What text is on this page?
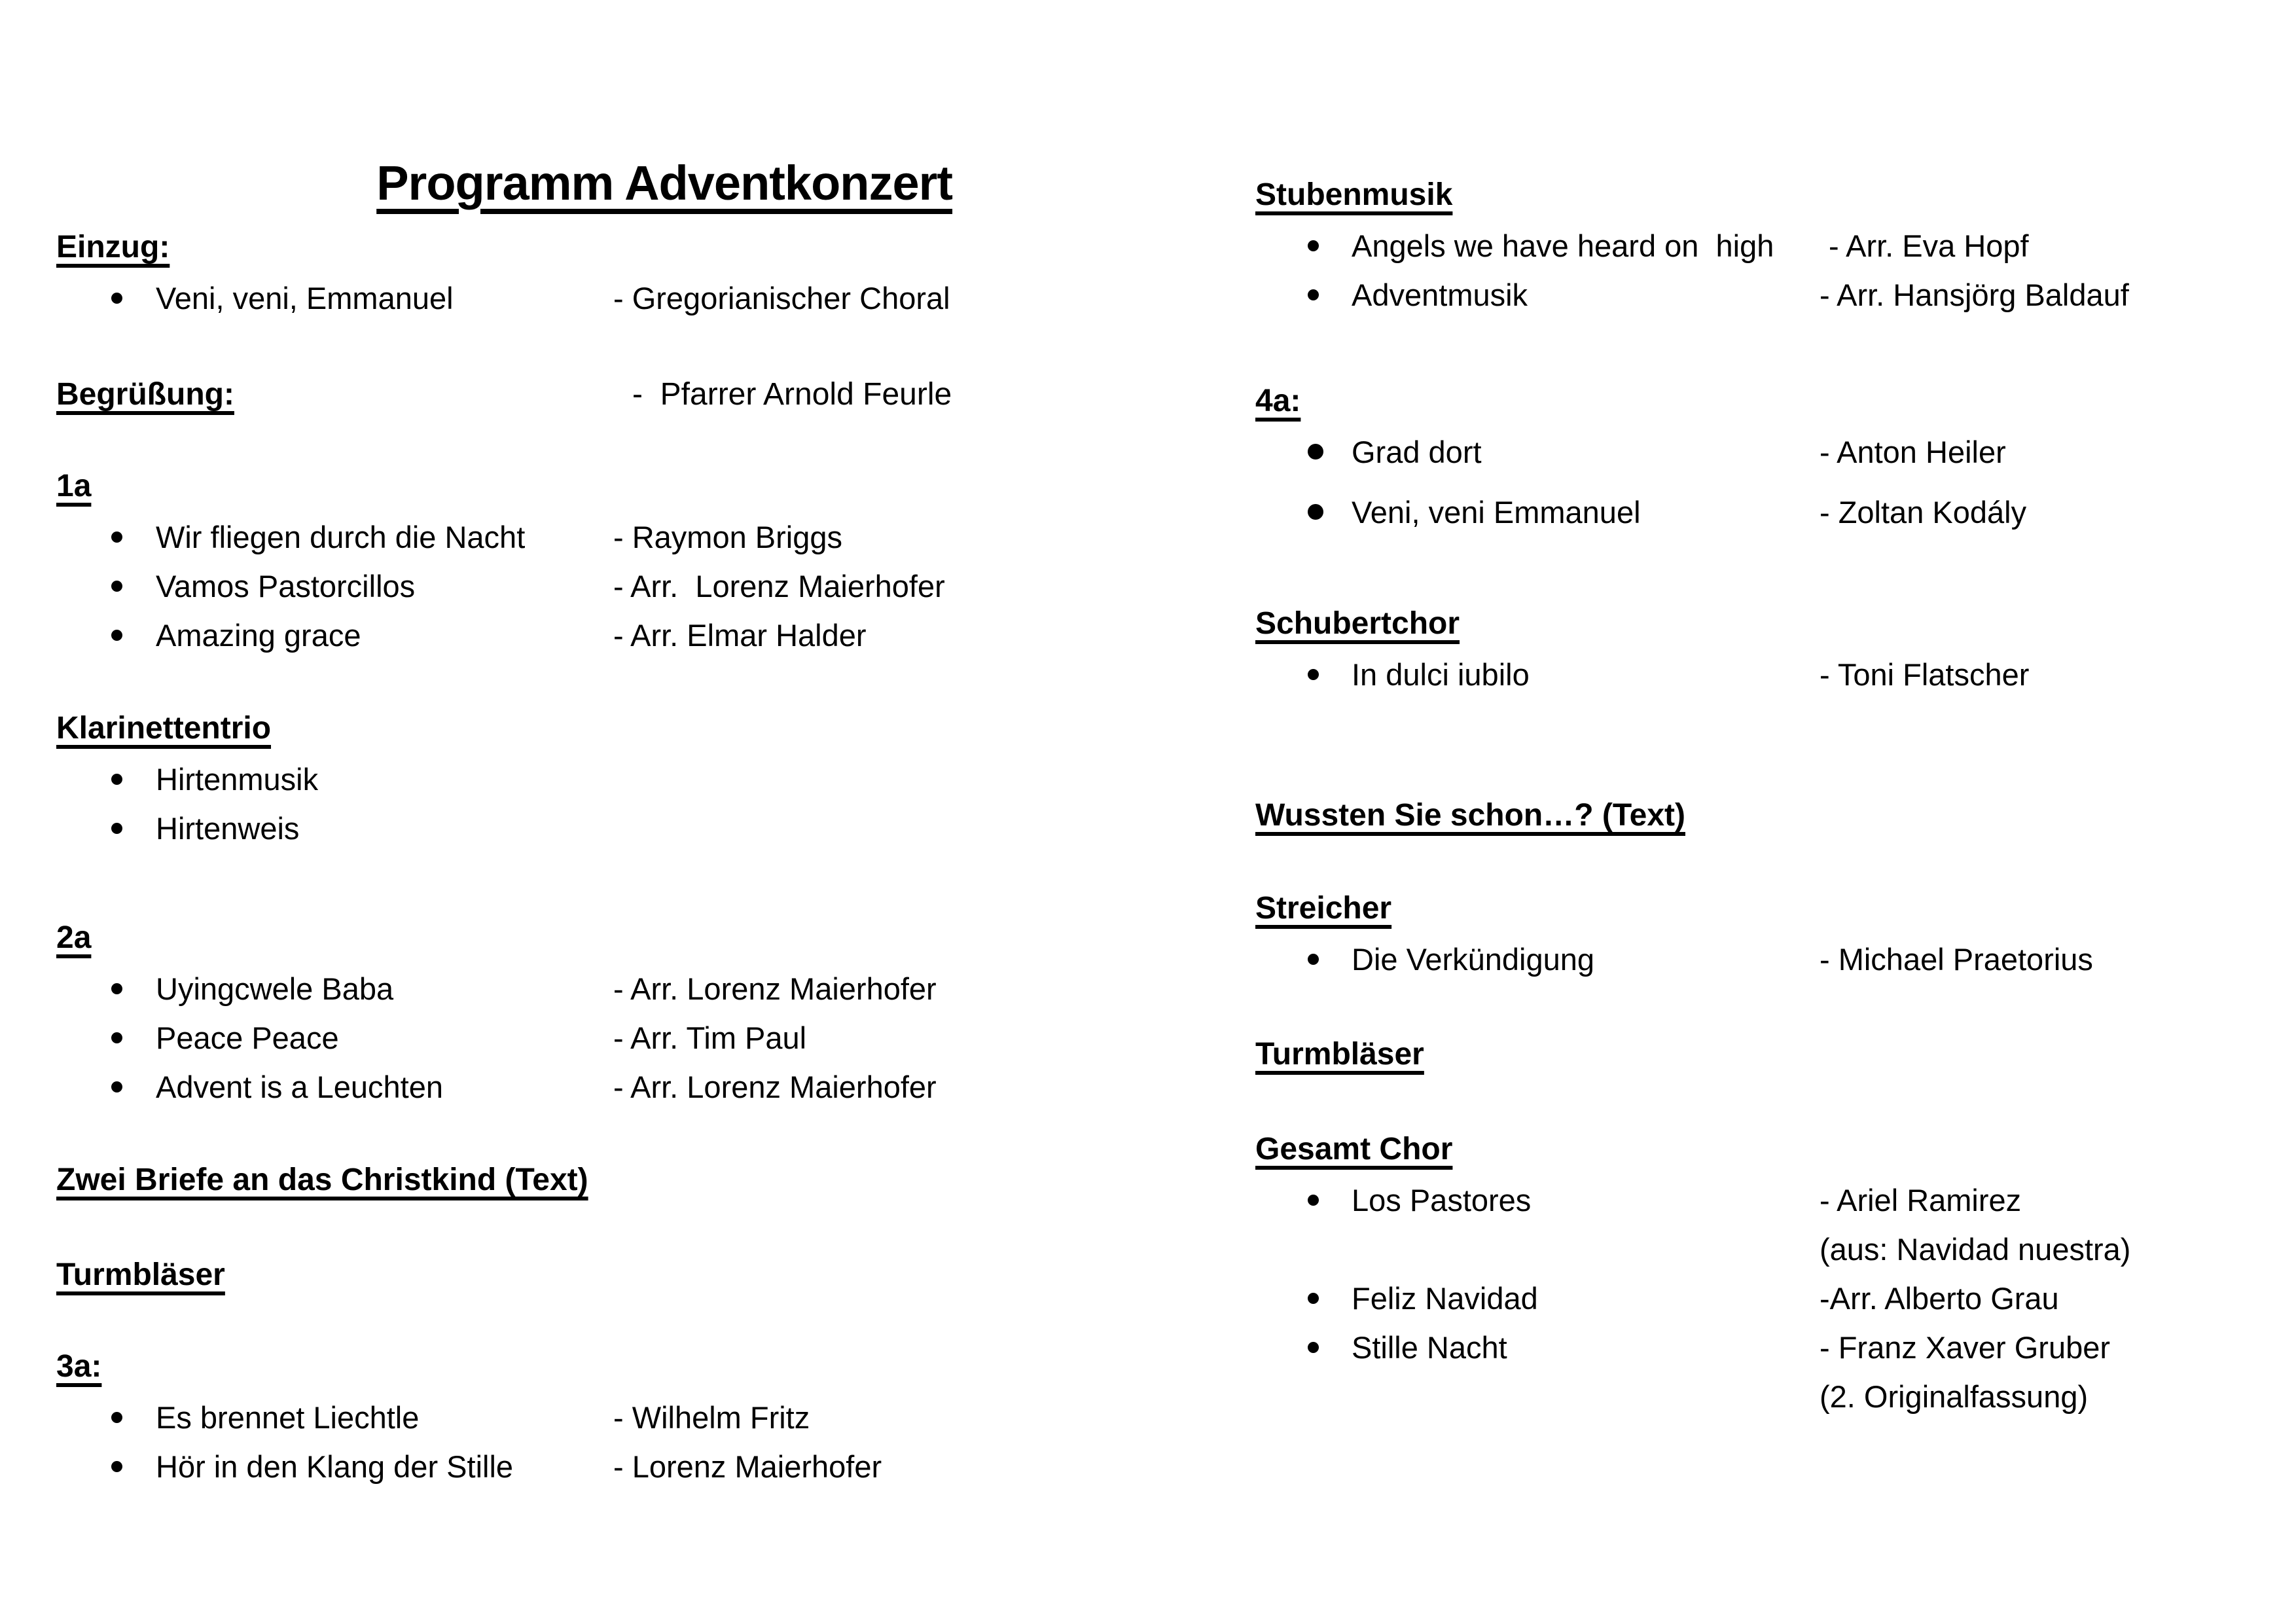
Programm Adventkonzert

Einzug:
Veni, veni, Emmanuel	- Gregorianischer Choral
Begrüßung:	-  Pfarrer Arnold Feurle
1a
Wir fliegen durch die Nacht	- Raymon Briggs
Vamos Pastorcillos	- Arr.  Lorenz Maierhofer
Amazing grace	- Arr. Elmar Halder
Klarinettentrio
Hirtenmusik
Hirtenweis
2a
Uyingcwele Baba	- Arr. Lorenz Maierhofer
Peace Peace	- Arr. Tim Paul
Advent is a Leuchten	- Arr. Lorenz Maierhofer
Zwei Briefe an das Christkind (Text)
Turmbläser
3a:
Es brennet Liechtle	- Wilhelm Fritz
Hör in den Klang der Stille	- Lorenz Maierhofer
Stubenmusik
Angels we have heard on  high - Arr. Eva Hopf
Adventmusik	- Arr. Hansjörg Baldauf
4a:
Grad dort	- Anton Heiler
Veni, veni Emmanuel	- Zoltan Kodály
Schubertchor
In dulci iubilo	- Toni Flatscher
Wussten Sie schon…? (Text)
Streicher
Die Verkündigung	- Michael Praetorius
Turmbläser
Gesamt Chor
Los Pastores	- Ariel Ramirez
(aus: Navidad nuestra)
Feliz Navidad	-Arr. Alberto Grau
Stille Nacht	- Franz Xaver Gruber
(2. Originalfassung)
